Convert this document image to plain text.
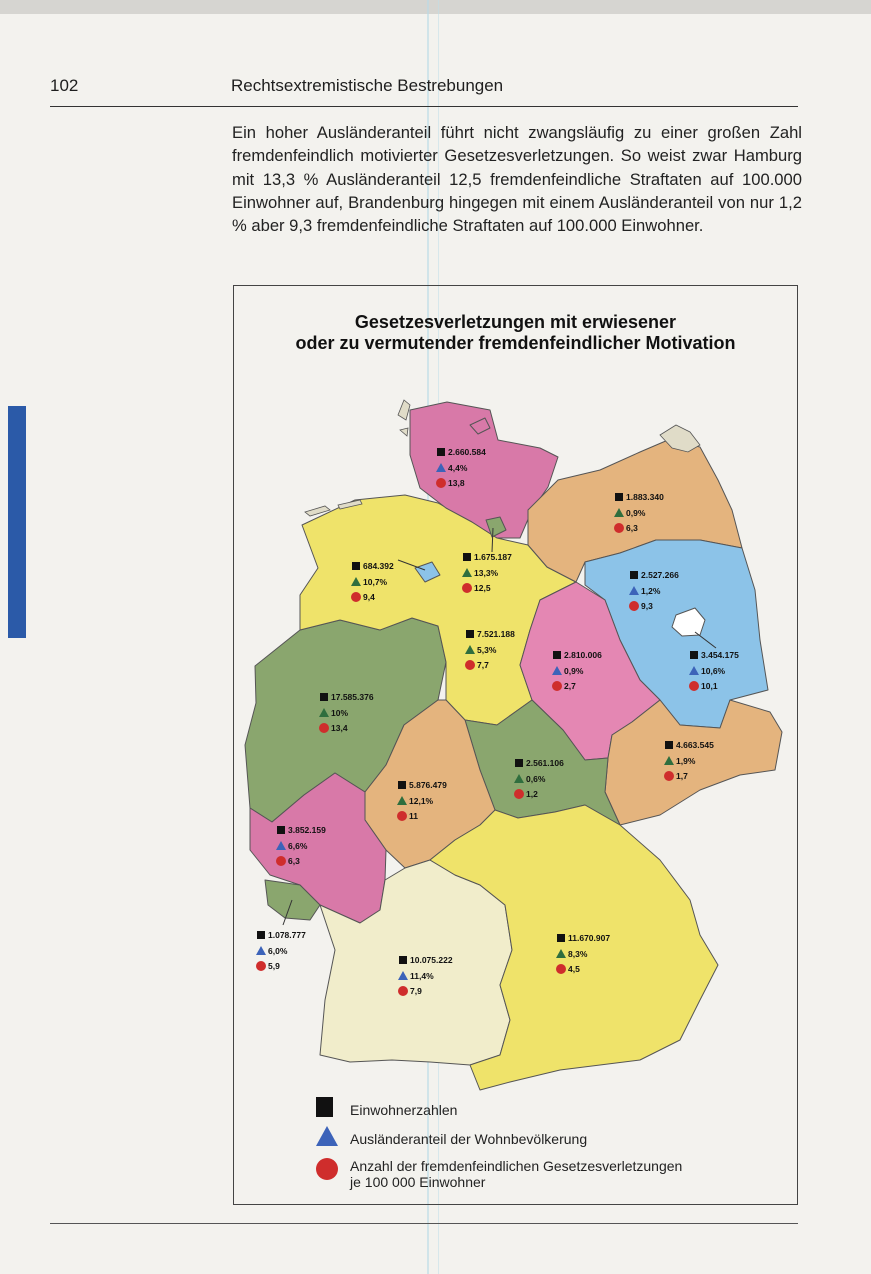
102	Rechtsextremistische Bestrebungen

Ein hoher Ausländeranteil führt nicht zwangsläufig zu einer großen Zahl fremdenfeindlich motivierter Gesetzesverletzungen. So weist zwar Hamburg mit 13,3 % Ausländeranteil 12,5 fremdenfeindliche Straftaten auf 100.000 Einwohner auf, Brandenburg hingegen mit einem Ausländeranteil von nur 1,2 % aber 9,3 fremdenfeindliche Straftaten auf 100.000 Einwohner.

Gesetzesverletzungen mit erwiesener
oder zu vermutender fremdenfeindlicher Motivation
2.660.584
4,4%
13,8
1.883.340
0,9%
6,3
1.675.187
13,3%
12,5
684.392
10,7%
9,4
2.527.266
1,2%
9,3
7.521.188
5,3%
7,7
2.810.006
0,9%
2,7
3.454.175
10,6%
10,1
17.585.376
10%
13,4
4.663.545
1,9%
1,7
2.561.106
0,6%
1,2
5.876.479
12,1%
11
3.852.159
6,6%
6,3
1.078.777
6,0%
5,9
10.075.222
11,4%
7,9
11.670.907
8,3%
4,5
Einwohnerzahlen
Ausländeranteil der Wohnbevölkerung
Anzahl der fremdenfeindlichen Gesetzesverletzungen
je 100 000 Einwohner
